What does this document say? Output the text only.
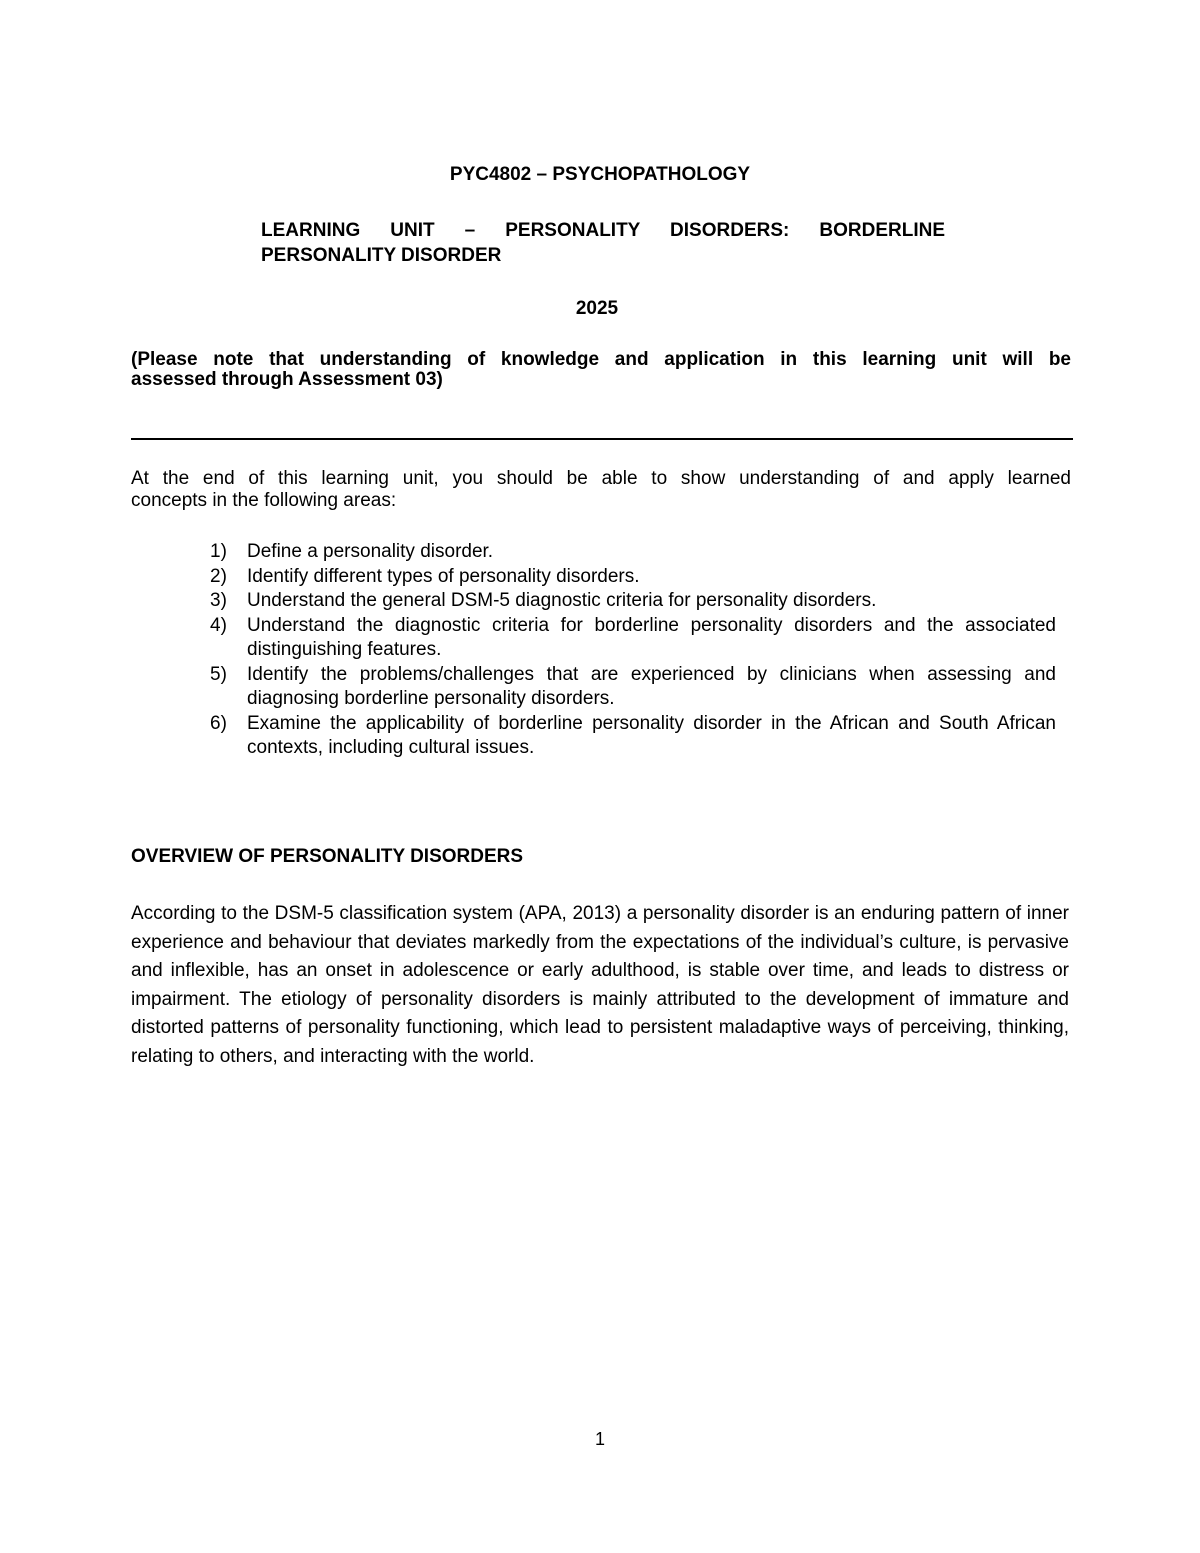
PYC4802 – PSYCHOPATHOLOGY
LEARNING UNIT – PERSONALITY DISORDERS: BORDERLINE
PERSONALITY DISORDER
2025
(Please note that understanding of knowledge and application in this learning unit will be
assessed through Assessment 03)
At the end of this learning unit, you should be able to show understanding of and apply learned
concepts in the following areas:
1) Define a personality disorder.
2) Identify different types of personality disorders.
3) Understand the general DSM-5 diagnostic criteria for personality disorders.
4) Understand the diagnostic criteria for borderline personality disorders and the associated distinguishing features.
5) Identify the problems/challenges that are experienced by clinicians when assessing and diagnosing borderline personality disorders.
6) Examine the applicability of borderline personality disorder in the African and South African contexts, including cultural issues.
OVERVIEW OF PERSONALITY DISORDERS

According to the DSM-5 classification system (APA, 2013) a personality disorder is an enduring pattern of inner experience and behaviour that deviates markedly from the expectations of the individual’s culture, is pervasive and inflexible, has an onset in adolescence or early adulthood, is stable over time, and leads to distress or impairment. The etiology of personality disorders is mainly attributed to the development of immature and distorted patterns of personality functioning, which lead to persistent maladaptive ways of perceiving, thinking, relating to others, and interacting with the world.

1
